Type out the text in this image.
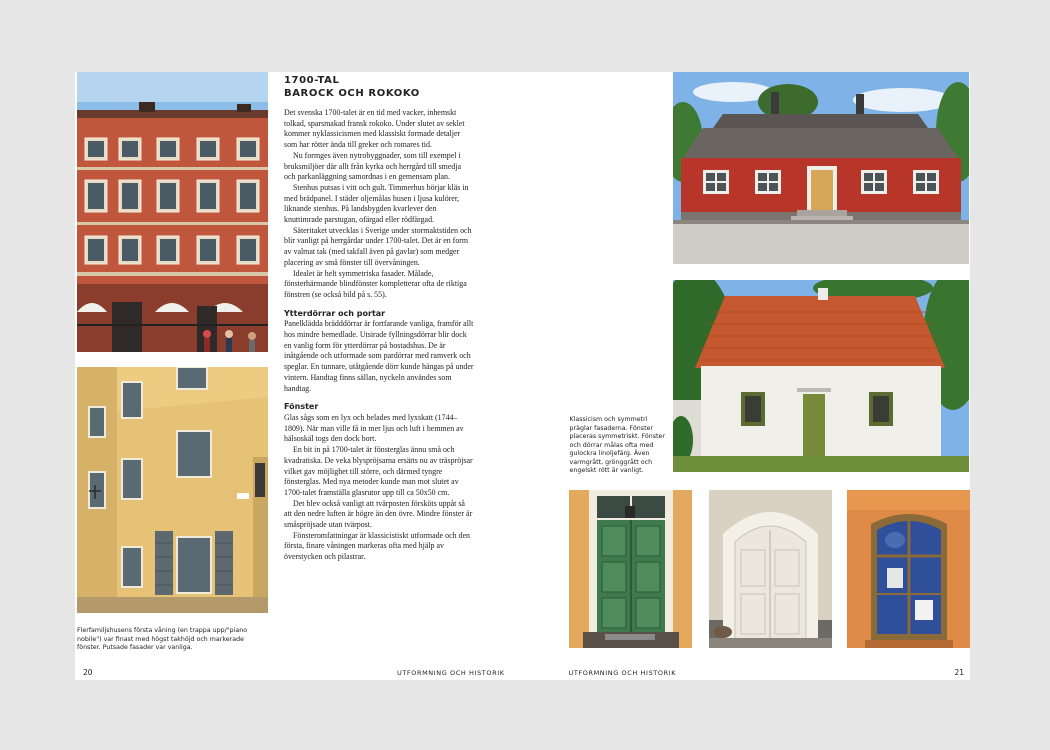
Flerfamiljshusens första våning (en trappa upp/"piano nobile") var finast med högst takhöjd och markerade fönster. Putsade fasader var vanliga.
1700-TAL
BAROCK OCH ROKOKO

Det svenska 1700-talet är en tid med vacker, inhemskt tolkad, sparsmakad fransk rokoko. Under slutet av seklet kommer nyklassicismen med klassiskt formade detaljer som har rötter ända till greker och romares tid.

Nu formges även nytrobyggnader, som till exempel i bruksmiljöer där allt från kyrka och herrgård till smedja och parkanläggning samordnas i en gemensam plan.

Stenhus putsas i vitt och gult. Timmerhus börjar kläs in med brädpanel. I städer oljemålas husen i ljusa kulörer, liknande stenhus. På landsbygden kvarlever den knuttimrade parstugan, ofärgad eller rödfärgad.

Säteritaket utvecklas i Sverige under stormaktstiden och blir vanligt på herrgårdar under 1700-talet. Det är en form av valmat tak (med takfall även på gavlar) som medger placering av små fönster till övervåningen.

Idealet är helt symmetriska fasader. Målade, fönsterhärmande blindfönster kompletterar ofta de riktiga fönstren (se också bild på s. 55).

Ytterdörrar och portar

Panelklädda brädddörrar är fortfarande vanliga, framför allt hos mindre bemedlade. Utsirade fyllningsdörrar blir dock en vanlig form för ytterdörrar på bostadshus. De är inåtgående och utformade som pardörrar med ramverk och speglar. En tunnare, utåtgående dörr kunde hängas på under vintern. Handtag finns sällan, nyckeln användes som handtag.

Fönster

Glas sågs som en lyx och belades med lyxskatt (1744–1809). När man ville få in mer ljus och luft i hemmen av hälsoskäl togs den dock bort.

En bit in på 1700-talet är fönsterglas ännu små och kvadratiska. De veka blyspröjsarna ersätts nu av träspröjsar vilket gav möjlighet till större, och därmed tyngre fönsterglas. Med nya metoder kunde man mot slutet av 1700-talet framställa glasrutor upp till ca 50x50 cm.

Det blev också vanligt att tvärposten försköts uppåt så att den nedre luften är högre än den övre. Mindre fönster är småspröjsade utan tvärpost.

Fönsteromfattningar är klassicistiskt utformade och den första, finare våningen markeras ofta med hjälp av överstycken och pilastrar.

20	UTFORMNING OCH HISTORIK
Klassicism och symmetri präglar fasaderna. Fönster placeras symmetriskt. Fönster och dörrar målas ofta med gulockra linoljefärg. Även varmgrått, grönggrått och engelskt rött är vanligt.
UTFORMNING OCH HISTORIK	21
